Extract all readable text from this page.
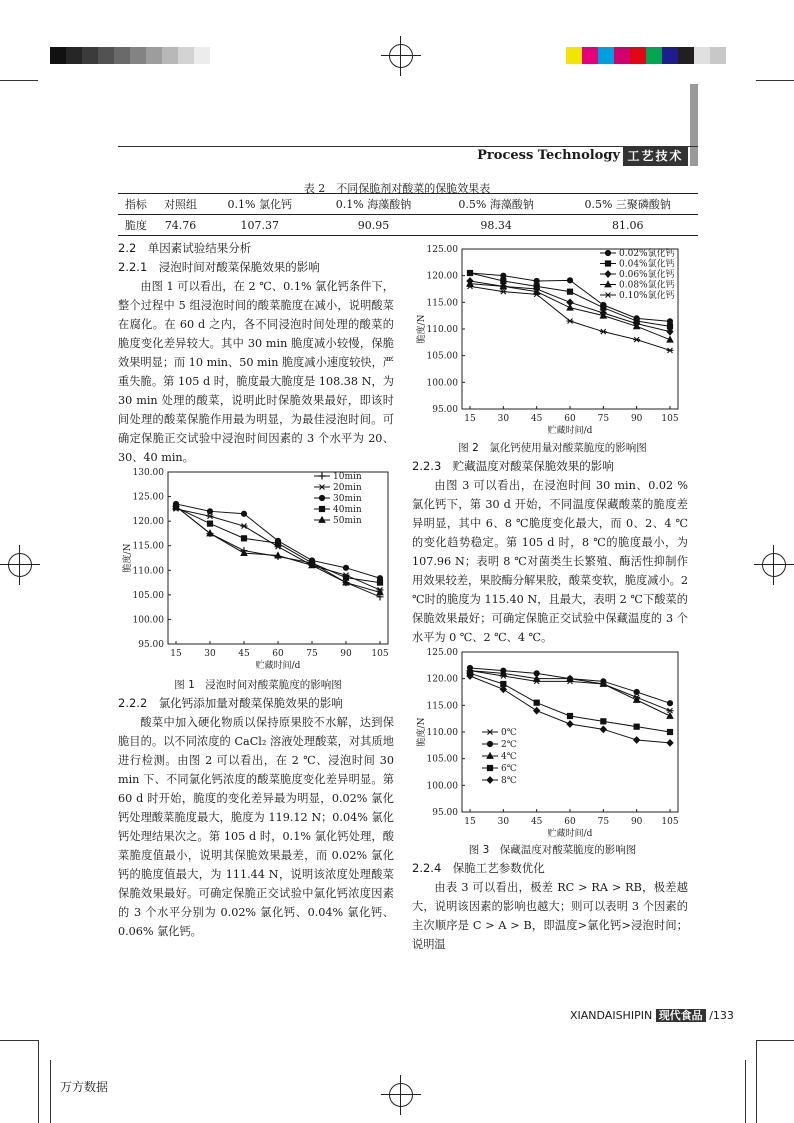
Process Technology 工艺技术
表 2　不同保脆剂对酸菜的保脆效果表
指标	对照组	0.1% 氯化钙	0.1% 海藻酸钠	0.5% 海藻酸钠	0.5% 三聚磷酸钠
脆度	74.76	107.37	90.95	98.34	81.06

2.2　单因素试验结果分析

2.2.1　浸泡时间对酸菜保脆效果的影响

由图 1 可以看出，在 2 ℃、0.1% 氯化钙条件下，整个过程中 5 组浸泡时间的酸菜脆度在减小，说明酸菜在腐化。在 60 d 之内，各不同浸泡时间处理的酸菜的脆度变化差异较大。其中 30 min 脆度减小较慢，保脆效果明显；而 10 min、50 min 脆度减小速度较快，严重失脆。第 105 d 时，脆度最大脆度是 108.38 N，为 30 min 处理的酸菜，说明此时保脆效果最好，即该时间处理的酸菜保脆作用最为明显，为最佳浸泡时间。可确定保脆正交试验中浸泡时间因素的 3 个水平为 20、30、40 min。

95.00
100.00
105.00
110.00
115.00
120.00
125.00
130.00
15	30	45	60	75	90 105
贮藏时间/d
脆度/N
10min
20min
30min
40min
50min
图 1　浸泡时间对酸菜脆度的影响图

2.2.2　氯化钙添加量对酸菜保脆效果的影响

酸菜中加入硬化物质以保持原果胶不水解，达到保脆目的。以不同浓度的 CaCl₂ 溶液处理酸菜，对其质地进行检测。由图 2 可以看出，在 2 ℃、浸泡时间 30 min 下、不同氯化钙浓度的酸菜脆度变化差异明显。第 60 d 时开始，脆度的变化差异最为明显，0.02% 氯化钙处理酸菜脆度最大，脆度为 119.12 N；0.04% 氯化钙处理结果次之。第 105 d 时，0.1% 氯化钙处理，酸菜脆度值最小，说明其保脆效果最差，而 0.02% 氯化钙的脆度值最大，为 111.44 N，说明该浓度处理酸菜保脆效果最好。可确定保脆正交试验中氯化钙浓度因素的 3 个水平分别为 0.02% 氯化钙、0.04% 氯化钙、0.06% 氯化钙。

95.00
100.00
105.00
110.00
115.00
120.00
125.00
15 30 45 60 75 90 105
贮藏时间/d
脆度/N
0.02%氯化钙
0.04%氯化钙
0.06%氯化钙
0.08%氯化钙
0.10%氯化钙
图 2　氯化钙使用量对酸菜脆度的影响图

2.2.3　贮藏温度对酸菜保脆效果的影响

由图 3 可以看出，在浸泡时间 30 min、0.02 % 氯化钙下，第 30 d 开始，不同温度保藏酸菜的脆度差异明显，其中 6、8 ℃脆度变化最大，而 0、2、4 ℃的变化趋势稳定。第 105 d 时，8 ℃的脆度最小，为 107.96 N；表明 8 ℃对菌类生长繁殖、酶活性抑制作用效果较差，果胶酶分解果胶，酸菜变软，脆度减小。2 ℃时的脆度为 115.40 N，且最大，表明 2 ℃下酸菜的保脆效果最好；可确定保脆正交试验中保藏温度的 3 个水平为 0 ℃、2 ℃、4 ℃。

95.00
100.00
105.00
110.00
115.00
120.00
125.00
15 30 45 60 75 90 105
贮藏时间/d
脆度/N	0℃
2℃
4℃
6℃
8℃
图 3　保藏温度对酸菜脆度的影响图

2.2.4　保脆工艺参数优化

由表 3 可以看出，极差 RC > RA > RB，极差越大，说明该因素的影响也越大；则可以表明 3 个因素的主次顺序是 C > A > B，即温度>氯化钙>浸泡时间；说明温

XIANDAISHIPIN 现代食品 /133
万方数据
